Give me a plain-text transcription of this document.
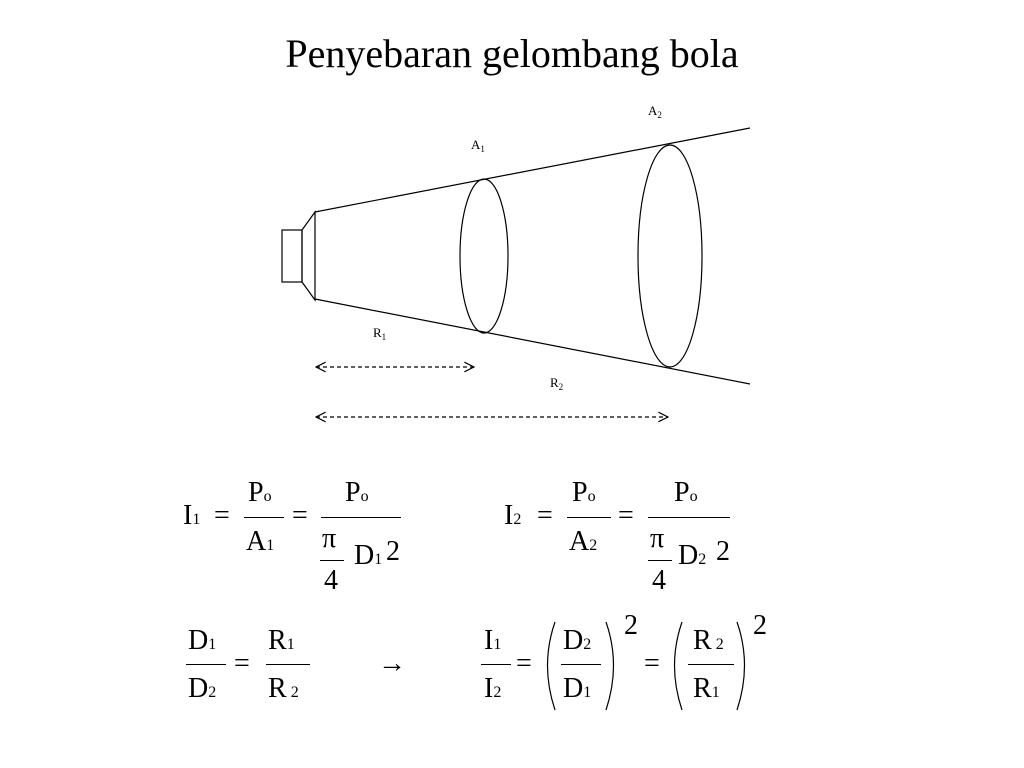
Penyebaran gelombang bola
$A_1$
$A_2$
$R_1$
$R_2$
I1 =
Po
A1
=
Po
π
4
D1 2
I2 =
Po
A2
=
Po
π
4
D2 2
D1
D2
=
R1
R 2
→
I1
I2
=
D2
D1
2
=
R 2
R1
2
